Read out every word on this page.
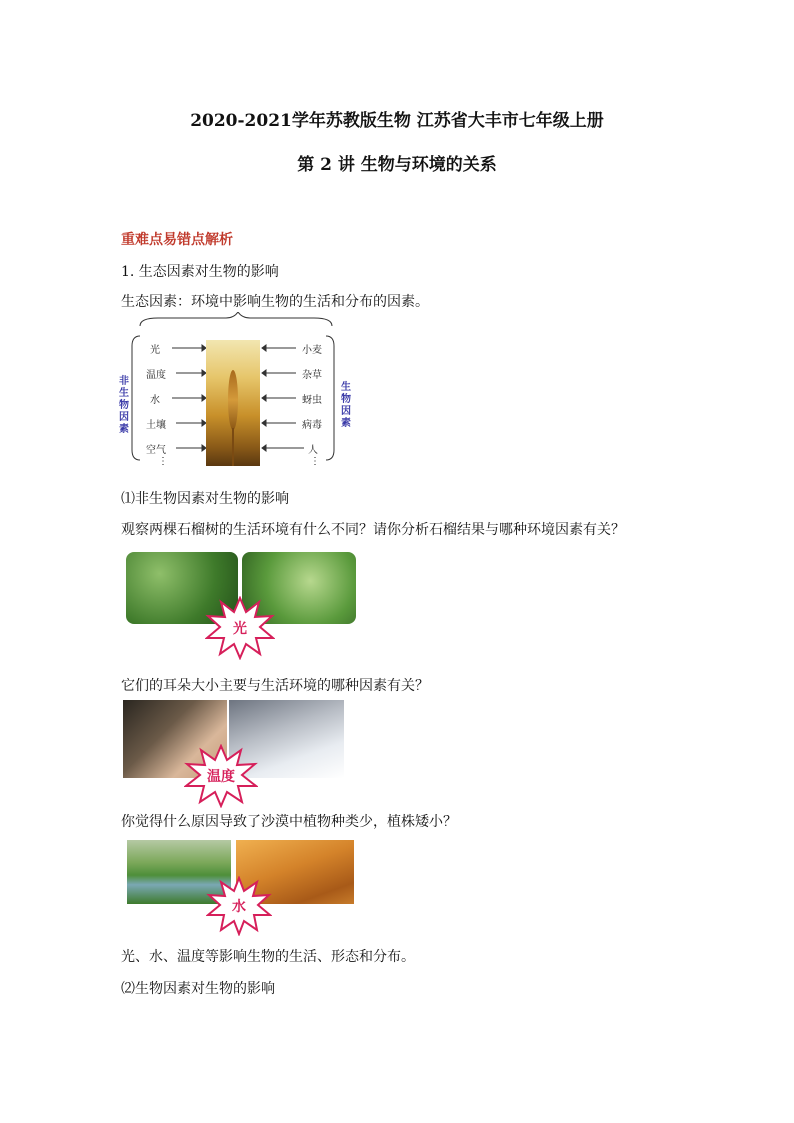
2020-2021学年苏教版生物 江苏省大丰市七年级上册
第 2 讲 生物与环境的关系
重难点易错点解析
1. 生态因素对生物的影响
生态因素：环境中影响生物的生活和分布的因素。
非生物因素
生物因素
光
温度
水
土壤
空气
⋮
小麦
杂草
蚜虫
病毒
人
⋮
⑴非生物因素对生物的影响
观察两棵石榴树的生活环境有什么不同？请你分析石榴结果与哪种环境因素有关？
光
它们的耳朵大小主要与生活环境的哪种因素有关？
温度
你觉得什么原因导致了沙漠中植物种类少，植株矮小？
水
光、水、温度等影响生物的生活、形态和分布。
⑵生物因素对生物的影响
